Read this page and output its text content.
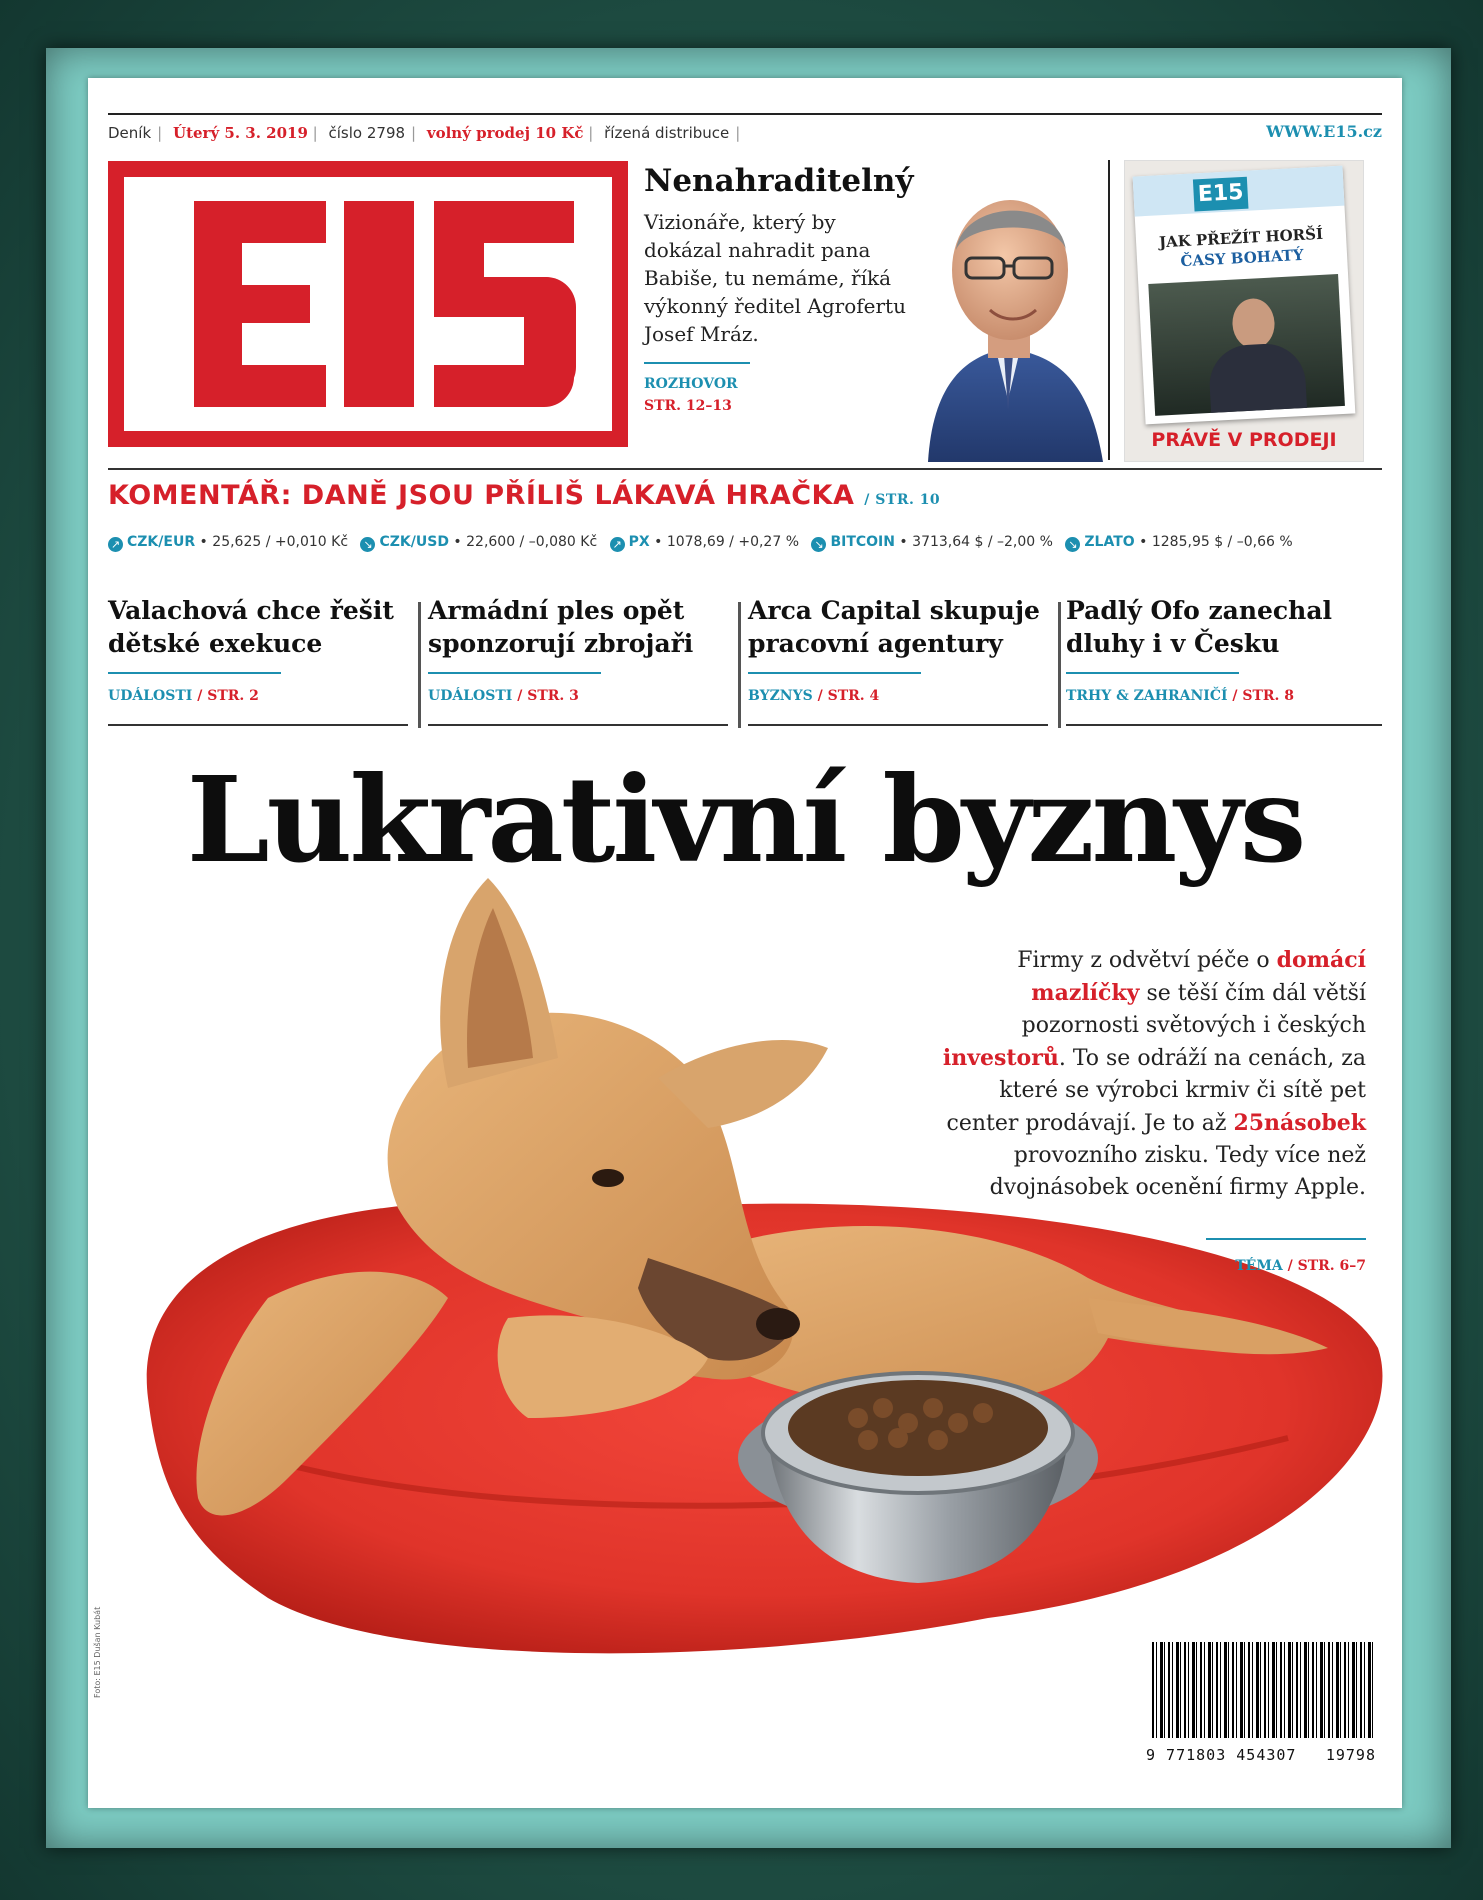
Deník | Úterý 5. 3. 2019 | číslo 2798 | volný prodej 10 Kč | řízená distribuce |	WWW.E15.cz
Nenahraditelný
Vizionáře, který by dokázal nahradit pana Babiše, tu nemáme, říká výkonný ředitel Agrofertu Josef Mráz.
ROZHOVOR
STR. 12–13
E15
JAK PŘEŽÍT HORŠÍ
ČASY BOHATÝ
PRÁVĚ V PRODEJI
KOMENTÁŘ: DANĚ JSOU PŘÍLIŠ LÁKAVÁ HRAČKA / STR. 10
↗ CZK/EUR • 25,625 / +0,010 Kč ↘ CZK/USD • 22,600 / –0,080 Kč ↗ PX • 1078,69 / +0,27 % ↘ BITCOIN • 3713,64 $ / –2,00 % ↘ ZLATO • 1285,95 $ / –0,66 %
Valachová chce řešit dětské exekuce
UDÁLOSTI / STR. 2
Armádní ples opět sponzorují zbrojaři
UDÁLOSTI / STR. 3
Arca Capital skupuje pracovní agentury
BYZNYS / STR. 4
Padlý Ofo zanechal dluhy i v Česku
TRHY & ZAHRANIČÍ / STR. 8
Lukrativní byznys
Firmy z odvětví péče o domácí mazlíčky se těší čím dál větší pozornosti světových i českých investorů. To se odráží na cenách, za které se výrobci krmiv či sítě pet center prodávají. Je to až 25násobek provozního zisku. Tedy více než dvojnásobek ocenění firmy Apple.
TÉMA / STR. 6–7
Foto: E15 Dušan Kubát
9 771803 454307 19798
